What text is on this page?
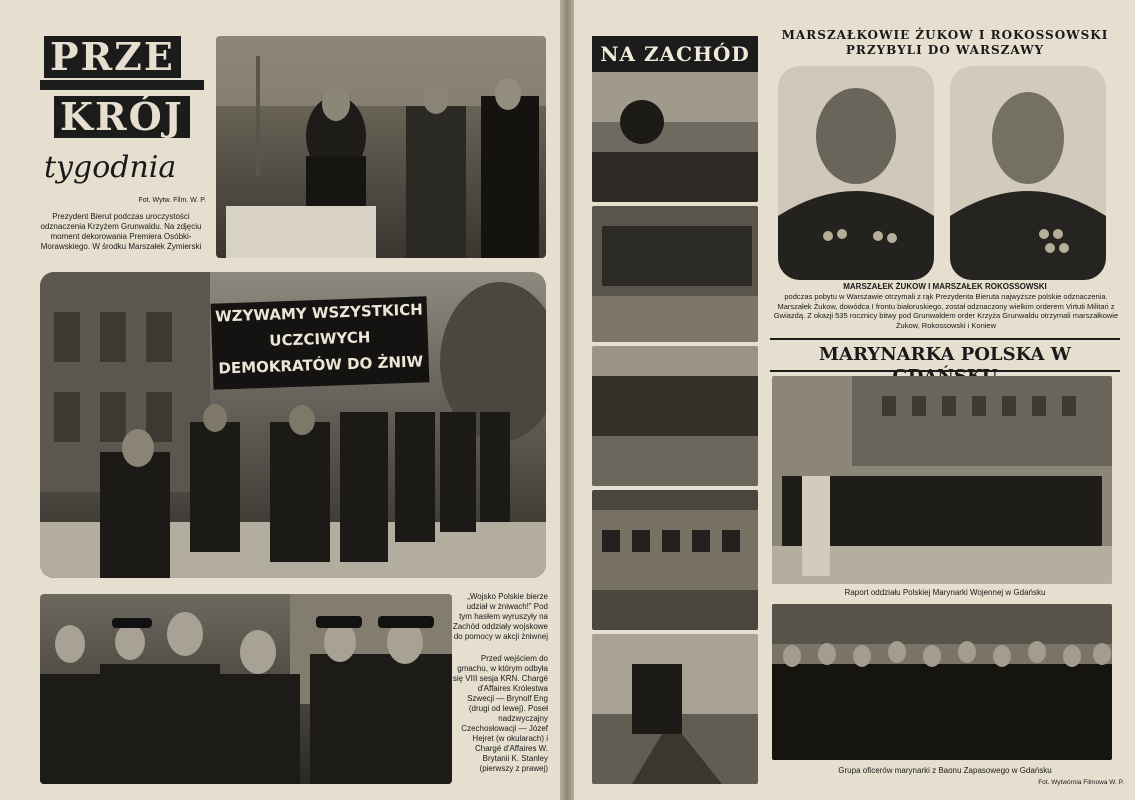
PRZE
KRÓJ
tygodnia

Fot. Wytw. Film. W. P.

Prezydent Bierut podczas uroczystości odznaczenia Krzyżem Grunwaldu. Na zdjęciu moment dekorowania Premiera Osóbki-Morawskiego. W środku Marszałek Żymierski

WZYWAMY WSZYSTKICH
UCZCIWYCH
DEMOKRATÓW DO ŻNIW

„Wojsko Polskie bierze udział w żniwach!” Pod tym hasłem wyruszyły na Zachód oddziały wojskowe do pomocy w akcji żniwnej

Przed wejściem do gmachu, w którym odbyła się VIII sesja KRN. Chargé d'Affaires Królestwa Szwecji — Brynolf Eng (drugi od lewej). Poseł nadzwyczajny Czechosłowacji — Józef Hejret (w okularach) i Chargé d'Affaires W. Brytanii K. Stanley (pierwszy z prawej)

NA ZACHÓD
MARSZAŁKOWIE ŻUKOW I ROKOSSOWSKI
PRZYBYLI DO WARSZAWY

MARSZAŁEK ŻUKOW I MARSZAŁEK ROKOSSOWSKI

podczas pobytu w Warszawie otrzymali z rąk Prezydenta Bieruta najwyższe polskie odznaczenia. Marszałek Żukow, dowódca I frontu białoruskiego, został odznaczony wielkim orderem Virtuti Militari z Gwiazdą. Z okazji 535 rocznicy bitwy pod Grunwaldem order Krzyża Grunwaldu otrzymali marszałkowie Żukow, Rokossowski i Koniew

MARYNARKA POLSKA W

Raport oddziału Polskiej Marynarki Wojennej w Gdańsku

Grupa oficerów marynarki z Baonu Zapasowego w Gdańsku

Fot. Wytwórnia Filmowa W. P.
